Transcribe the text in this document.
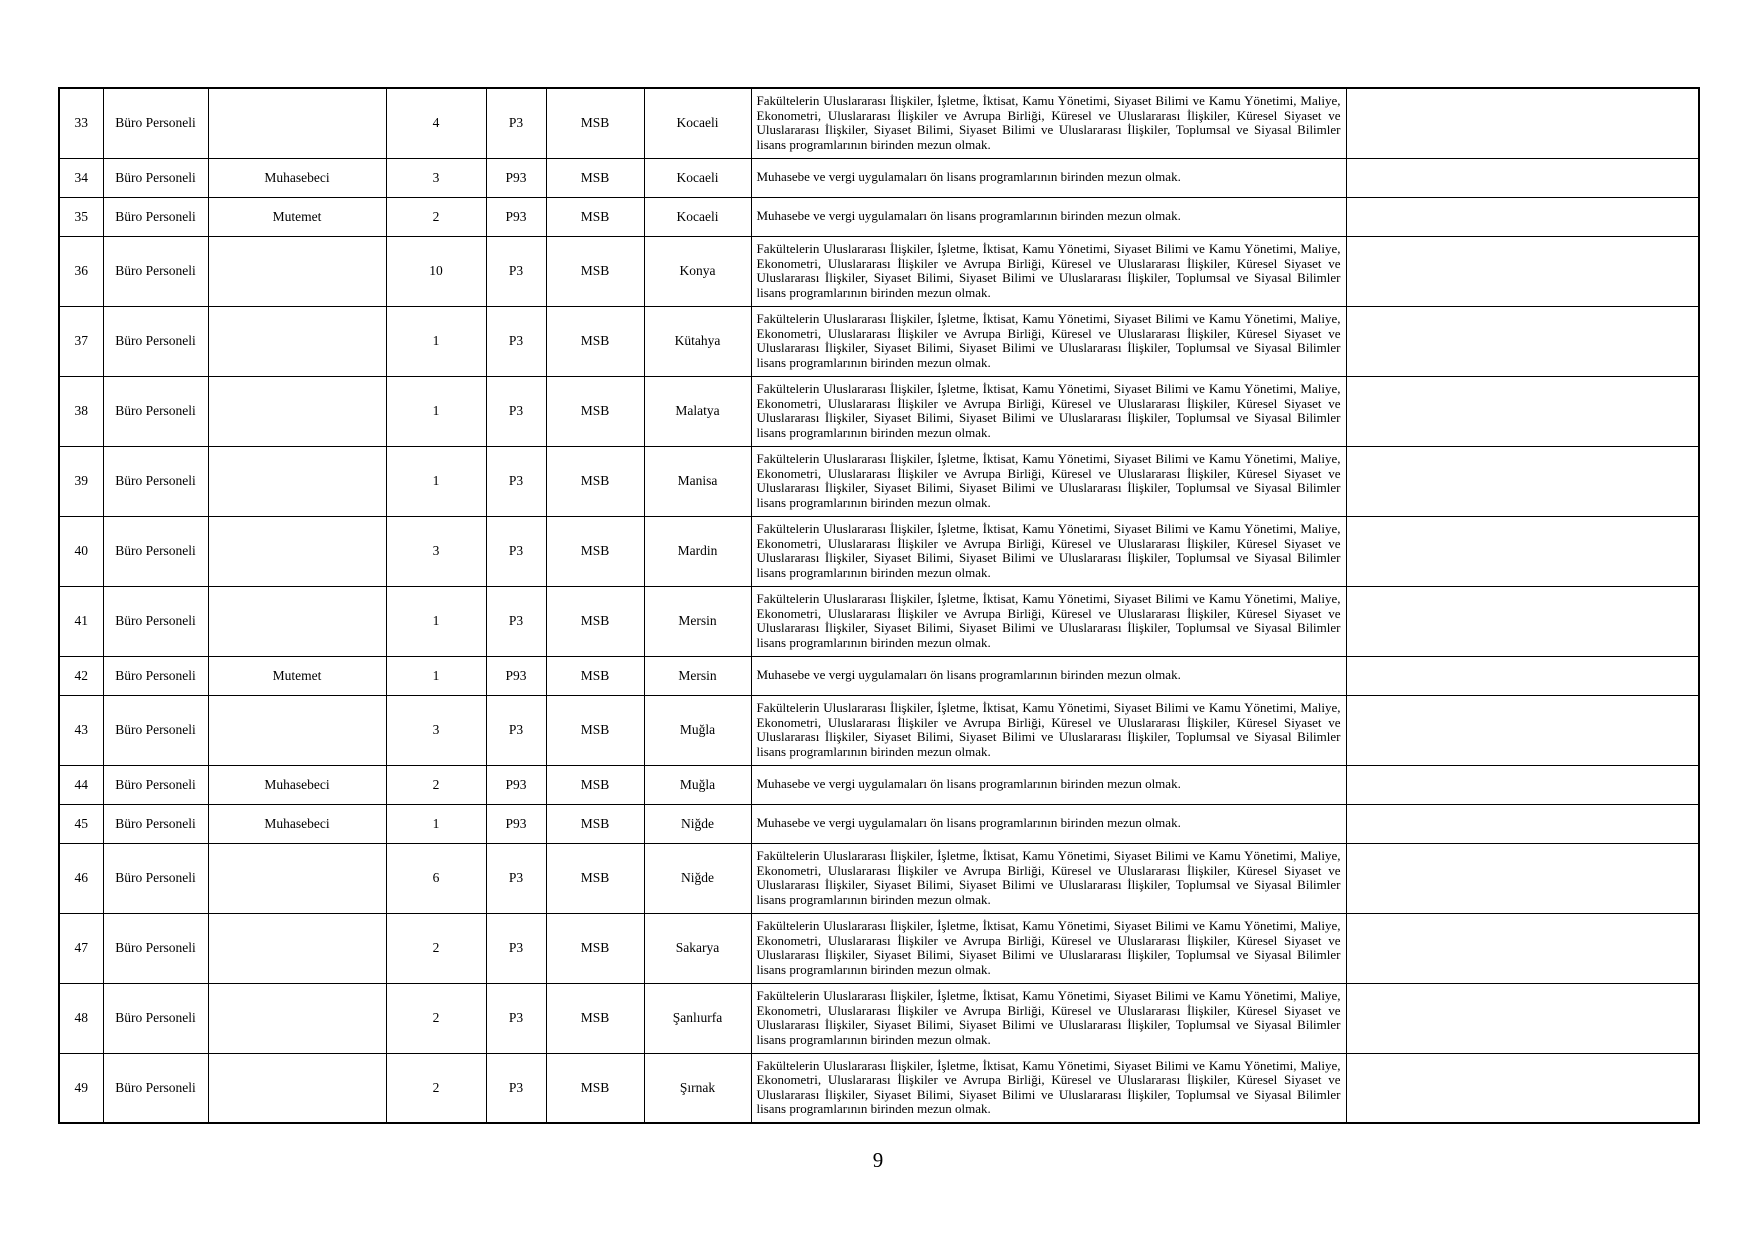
33	Büro Personeli		4	P3	MSB	Kocaeli	Fakültelerin Uluslararası İlişkiler, İşletme, İktisat, Kamu Yönetimi, Siyaset Bilimi ve Kamu Yönetimi, Maliye, Ekonometri, Uluslararası İlişkiler ve Avrupa Birliği, Küresel ve Uluslararası İlişkiler, Küresel Siyaset ve Uluslararası İlişkiler, Siyaset Bilimi, Siyaset Bilimi ve Uluslararası İlişkiler, Toplumsal ve Siyasal Bilimler lisans programlarının birinden mezun olmak.	
34	Büro Personeli	Muhasebeci	3	P93	MSB	Kocaeli	Muhasebe ve vergi uygulamaları ön lisans programlarının birinden mezun olmak.	
35	Büro Personeli	Mutemet	2	P93	MSB	Kocaeli	Muhasebe ve vergi uygulamaları ön lisans programlarının birinden mezun olmak.	
36	Büro Personeli		10	P3	MSB	Konya	Fakültelerin Uluslararası İlişkiler, İşletme, İktisat, Kamu Yönetimi, Siyaset Bilimi ve Kamu Yönetimi, Maliye, Ekonometri, Uluslararası İlişkiler ve Avrupa Birliği, Küresel ve Uluslararası İlişkiler, Küresel Siyaset ve Uluslararası İlişkiler, Siyaset Bilimi, Siyaset Bilimi ve Uluslararası İlişkiler, Toplumsal ve Siyasal Bilimler lisans programlarının birinden mezun olmak.	
37	Büro Personeli		1	P3	MSB	Kütahya	Fakültelerin Uluslararası İlişkiler, İşletme, İktisat, Kamu Yönetimi, Siyaset Bilimi ve Kamu Yönetimi, Maliye, Ekonometri, Uluslararası İlişkiler ve Avrupa Birliği, Küresel ve Uluslararası İlişkiler, Küresel Siyaset ve Uluslararası İlişkiler, Siyaset Bilimi, Siyaset Bilimi ve Uluslararası İlişkiler, Toplumsal ve Siyasal Bilimler lisans programlarının birinden mezun olmak.	
38	Büro Personeli		1	P3	MSB	Malatya	Fakültelerin Uluslararası İlişkiler, İşletme, İktisat, Kamu Yönetimi, Siyaset Bilimi ve Kamu Yönetimi, Maliye, Ekonometri, Uluslararası İlişkiler ve Avrupa Birliği, Küresel ve Uluslararası İlişkiler, Küresel Siyaset ve Uluslararası İlişkiler, Siyaset Bilimi, Siyaset Bilimi ve Uluslararası İlişkiler, Toplumsal ve Siyasal Bilimler lisans programlarının birinden mezun olmak.	
39	Büro Personeli		1	P3	MSB	Manisa	Fakültelerin Uluslararası İlişkiler, İşletme, İktisat, Kamu Yönetimi, Siyaset Bilimi ve Kamu Yönetimi, Maliye, Ekonometri, Uluslararası İlişkiler ve Avrupa Birliği, Küresel ve Uluslararası İlişkiler, Küresel Siyaset ve Uluslararası İlişkiler, Siyaset Bilimi, Siyaset Bilimi ve Uluslararası İlişkiler, Toplumsal ve Siyasal Bilimler lisans programlarının birinden mezun olmak.	
40	Büro Personeli		3	P3	MSB	Mardin	Fakültelerin Uluslararası İlişkiler, İşletme, İktisat, Kamu Yönetimi, Siyaset Bilimi ve Kamu Yönetimi, Maliye, Ekonometri, Uluslararası İlişkiler ve Avrupa Birliği, Küresel ve Uluslararası İlişkiler, Küresel Siyaset ve Uluslararası İlişkiler, Siyaset Bilimi, Siyaset Bilimi ve Uluslararası İlişkiler, Toplumsal ve Siyasal Bilimler lisans programlarının birinden mezun olmak.	
41	Büro Personeli		1	P3	MSB	Mersin	Fakültelerin Uluslararası İlişkiler, İşletme, İktisat, Kamu Yönetimi, Siyaset Bilimi ve Kamu Yönetimi, Maliye, Ekonometri, Uluslararası İlişkiler ve Avrupa Birliği, Küresel ve Uluslararası İlişkiler, Küresel Siyaset ve Uluslararası İlişkiler, Siyaset Bilimi, Siyaset Bilimi ve Uluslararası İlişkiler, Toplumsal ve Siyasal Bilimler lisans programlarının birinden mezun olmak.	
42	Büro Personeli	Mutemet	1	P93	MSB	Mersin	Muhasebe ve vergi uygulamaları ön lisans programlarının birinden mezun olmak.	
43	Büro Personeli		3	P3	MSB	Muğla	Fakültelerin Uluslararası İlişkiler, İşletme, İktisat, Kamu Yönetimi, Siyaset Bilimi ve Kamu Yönetimi, Maliye, Ekonometri, Uluslararası İlişkiler ve Avrupa Birliği, Küresel ve Uluslararası İlişkiler, Küresel Siyaset ve Uluslararası İlişkiler, Siyaset Bilimi, Siyaset Bilimi ve Uluslararası İlişkiler, Toplumsal ve Siyasal Bilimler lisans programlarının birinden mezun olmak.	
44	Büro Personeli	Muhasebeci	2	P93	MSB	Muğla	Muhasebe ve vergi uygulamaları ön lisans programlarının birinden mezun olmak.	
45	Büro Personeli	Muhasebeci	1	P93	MSB	Niğde	Muhasebe ve vergi uygulamaları ön lisans programlarının birinden mezun olmak.	
46	Büro Personeli		6	P3	MSB	Niğde	Fakültelerin Uluslararası İlişkiler, İşletme, İktisat, Kamu Yönetimi, Siyaset Bilimi ve Kamu Yönetimi, Maliye, Ekonometri, Uluslararası İlişkiler ve Avrupa Birliği, Küresel ve Uluslararası İlişkiler, Küresel Siyaset ve Uluslararası İlişkiler, Siyaset Bilimi, Siyaset Bilimi ve Uluslararası İlişkiler, Toplumsal ve Siyasal Bilimler lisans programlarının birinden mezun olmak.	
47	Büro Personeli		2	P3	MSB	Sakarya	Fakültelerin Uluslararası İlişkiler, İşletme, İktisat, Kamu Yönetimi, Siyaset Bilimi ve Kamu Yönetimi, Maliye, Ekonometri, Uluslararası İlişkiler ve Avrupa Birliği, Küresel ve Uluslararası İlişkiler, Küresel Siyaset ve Uluslararası İlişkiler, Siyaset Bilimi, Siyaset Bilimi ve Uluslararası İlişkiler, Toplumsal ve Siyasal Bilimler lisans programlarının birinden mezun olmak.	
48	Büro Personeli		2	P3	MSB	Şanlıurfa	Fakültelerin Uluslararası İlişkiler, İşletme, İktisat, Kamu Yönetimi, Siyaset Bilimi ve Kamu Yönetimi, Maliye, Ekonometri, Uluslararası İlişkiler ve Avrupa Birliği, Küresel ve Uluslararası İlişkiler, Küresel Siyaset ve Uluslararası İlişkiler, Siyaset Bilimi, Siyaset Bilimi ve Uluslararası İlişkiler, Toplumsal ve Siyasal Bilimler lisans programlarının birinden mezun olmak.	
49	Büro Personeli		2	P3	MSB	Şırnak	Fakültelerin Uluslararası İlişkiler, İşletme, İktisat, Kamu Yönetimi, Siyaset Bilimi ve Kamu Yönetimi, Maliye, Ekonometri, Uluslararası İlişkiler ve Avrupa Birliği, Küresel ve Uluslararası İlişkiler, Küresel Siyaset ve Uluslararası İlişkiler, Siyaset Bilimi, Siyaset Bilimi ve Uluslararası İlişkiler, Toplumsal ve Siyasal Bilimler lisans programlarının birinden mezun olmak.	
9
